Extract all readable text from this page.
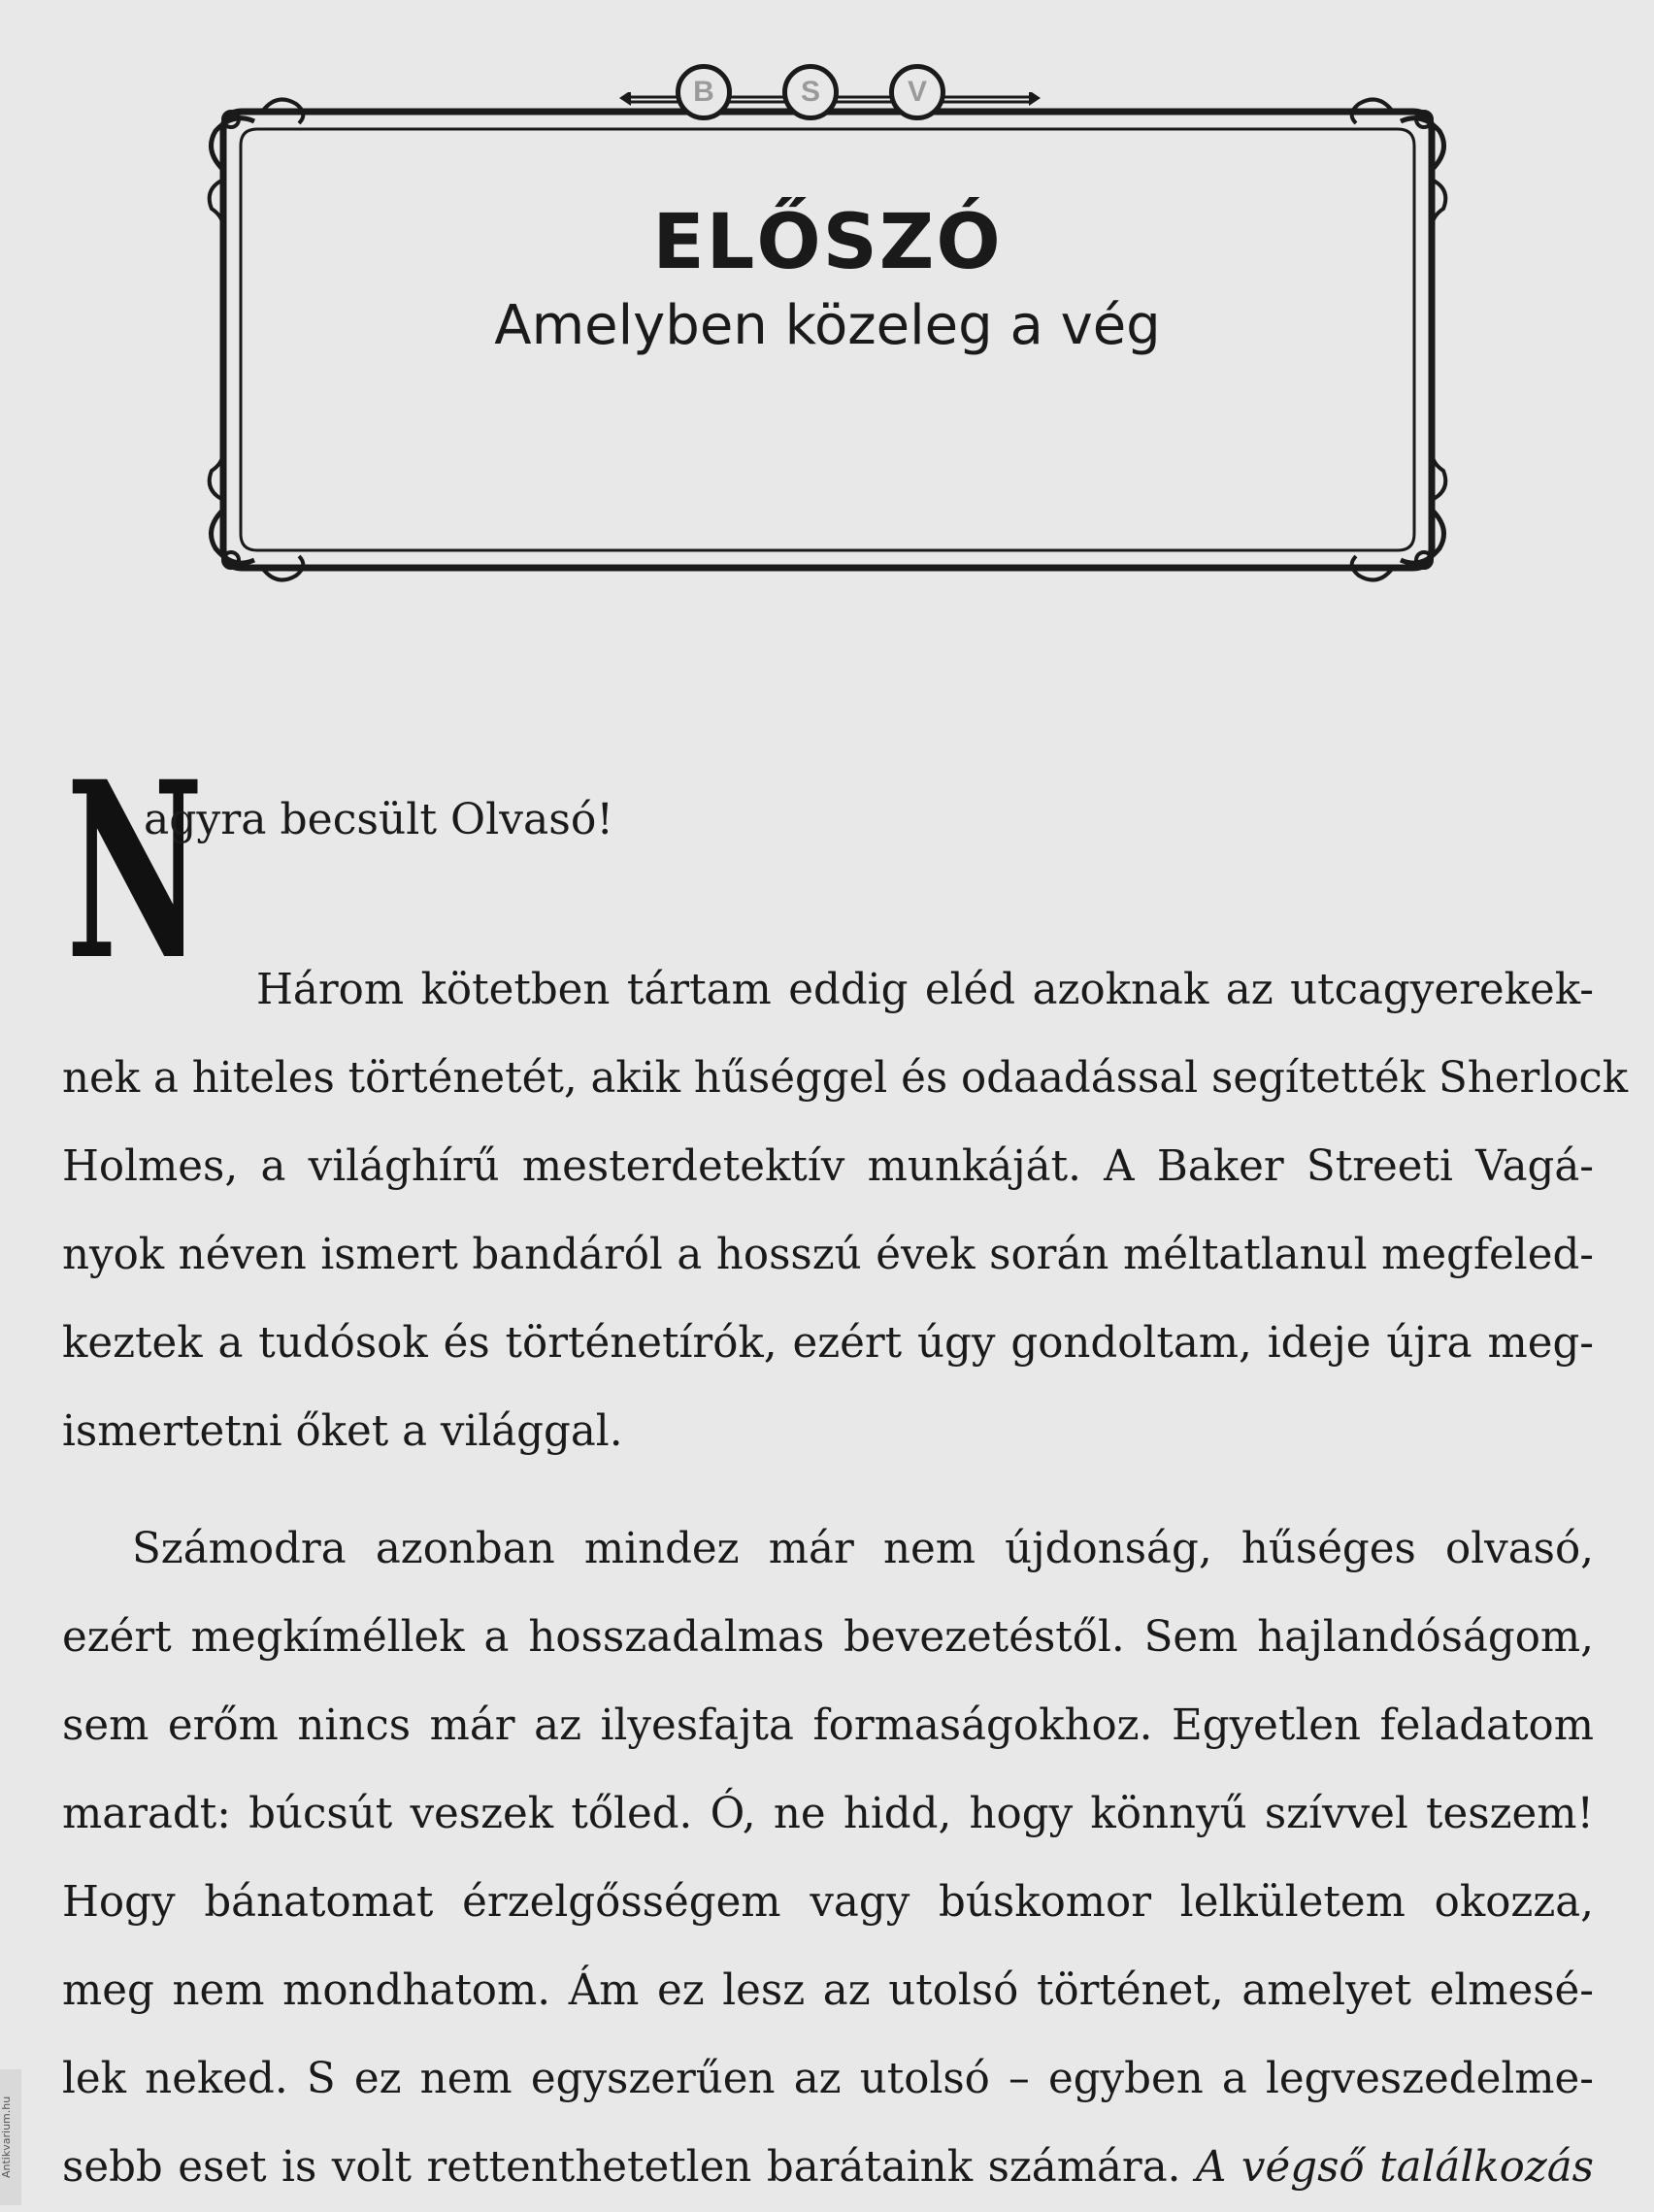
B	S	V
ELŐSZÓ
Amelyben közeleg a vég
N
agyra becsült Olvasó!
Három kötetben tártam eddig eléd azoknak az utcagyerekek-
nek a hiteles történetét, akik hűséggel és odaadással segítették Sherlock
Holmes, a világhírű mesterdetektív munkáját. A Baker Streeti Vagá-
nyok néven ismert bandáról a hosszú évek során méltatlanul megfeled-
keztek a tudósok és történetírók, ezért úgy gondoltam, ideje újra meg-
ismertetni őket a világgal.
Számodra azonban mindez már nem újdonság, hűséges olvasó,
ezért megkíméllek a hosszadalmas bevezetéstől. Sem hajlandóságom,
sem erőm nincs már az ilyesfajta formaságokhoz. Egyetlen feladatom
maradt: búcsút veszek tőled. Ó, ne hidd, hogy könnyű szívvel teszem!
Hogy bánatomat érzelgősségem vagy búskomor lelkületem okozza,
meg nem mondhatom. Ám ez lesz az utolsó történet, amelyet elmesé-
lek neked. S ez nem egyszerűen az utolsó – egyben a legveszedelme-
sebb eset is volt rettenthetetlen barátaink számára. A végső találkozás
Antikvarium.hu
